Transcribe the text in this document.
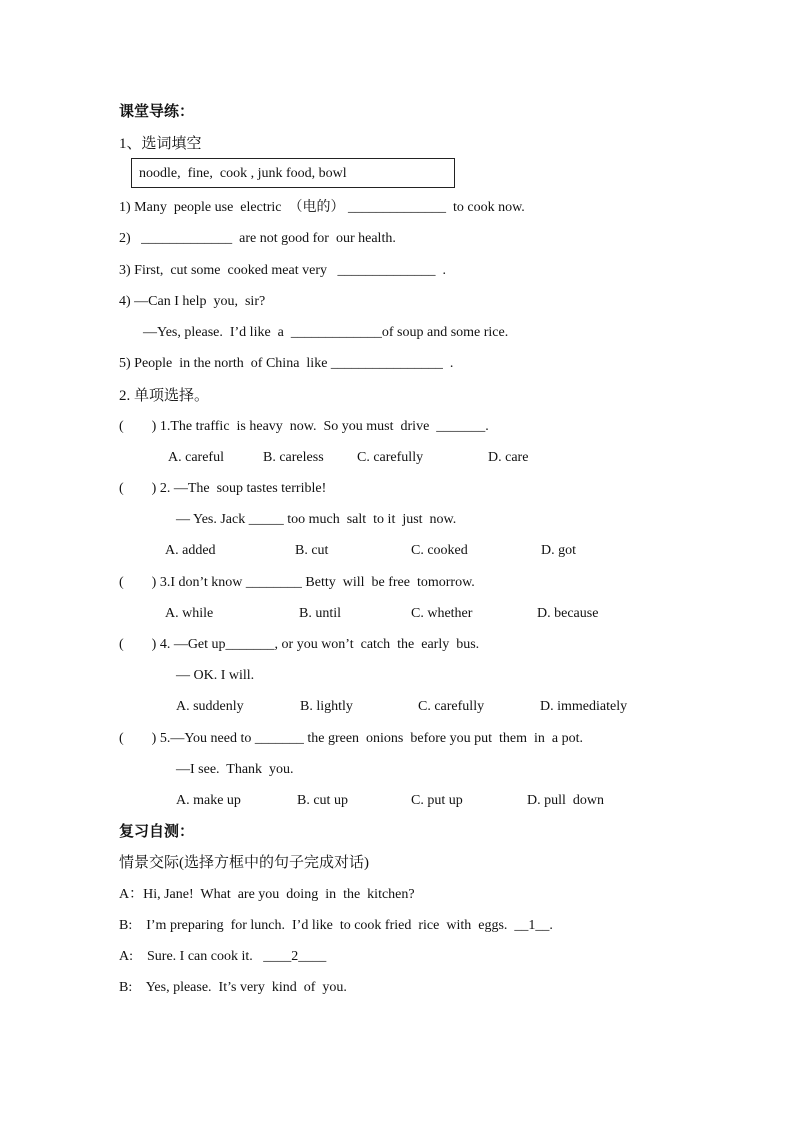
课堂导练：
1、选词填空
noodle,  fine,  cook , junk food, bowl
1) Many  people use  electric  （电的） ______________  to cook now.
2)   _____________  are not good for  our health.
3) First,  cut some  cooked meat very   ______________  .
4) —Can I help  you,  sir?
—Yes, please.  I’d like  a  _____________of soup and some rice.
5) People  in the north  of China  like ________________  .
2. 单项选择。
(        ) 1.The traffic  is heavy  now.  So you must  drive  _______.
A. careful	B. careless C. carefully	D. care
(        ) 2. —The  soup tastes terrible!
— Yes. Jack _____ too much  salt  to it  just  now.
A. added	B. cut	C. cooked	D. got
(        ) 3.I don’t know ________ Betty  will  be free  tomorrow.
A. while	B. until	C. whether	D. because
(        ) 4. —Get up_______, or you won’t  catch  the  early  bus.
— OK. I will.
A. suddenly	B. lightly	C. carefully	D. immediately
(        ) 5.—You need to _______ the green  onions  before you put  them  in  a pot.
—I see.  Thank  you.
A. make up	B. cut up	C. put up	D. pull  down
复习自测：
情景交际(选择方框中的句子完成对话)
A：Hi, Jane!  What  are you  doing  in  the  kitchen?
B:    I’m preparing  for lunch.  I’d like  to cook fried  rice  with  eggs.  __1__.
A:    Sure. I can cook it.   ____2____
B:    Yes, please.  It’s very  kind  of  you.
